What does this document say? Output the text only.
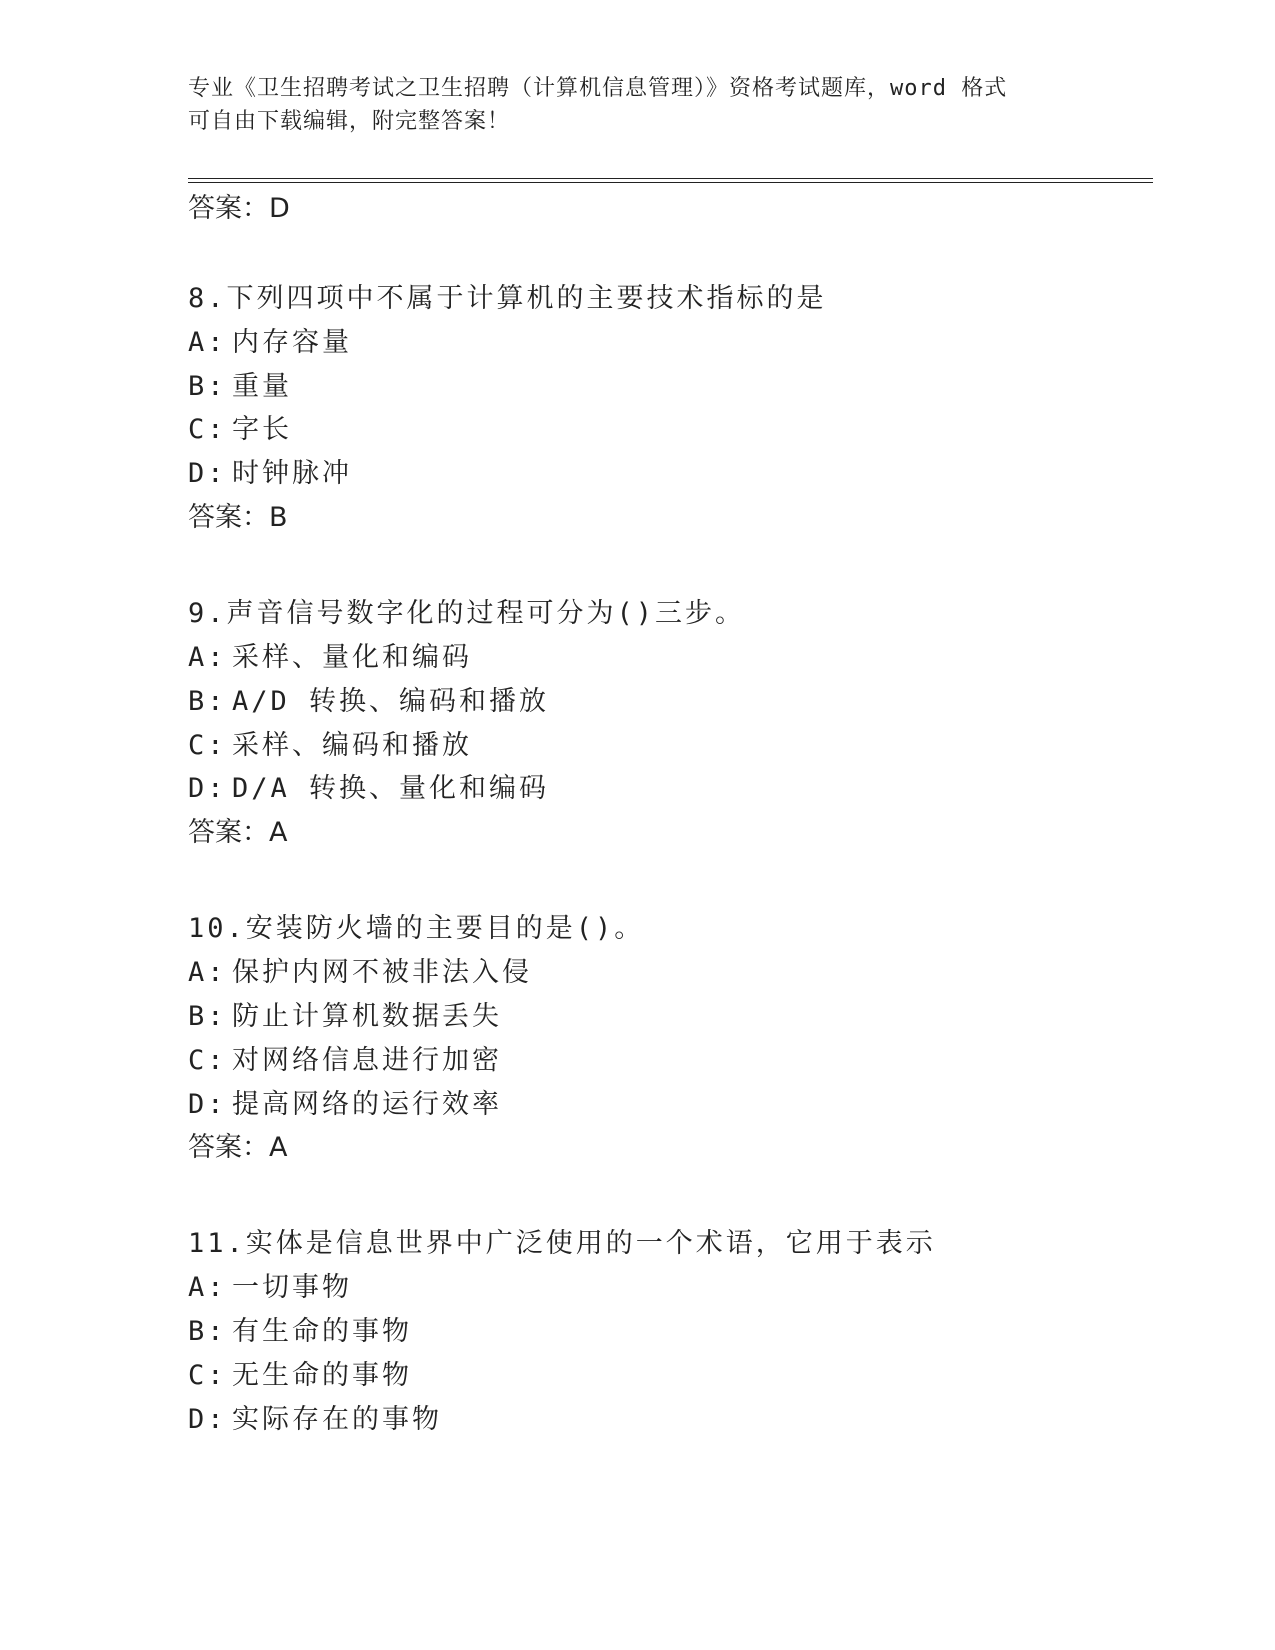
专业《卫生招聘考试之卫生招聘（计算机信息管理）》资格考试题库，word 格式
可自由下载编辑，附完整答案！
答案：D
8.下列四项中不属于计算机的主要技术指标的是
A: 内存容量
B: 重量
C: 字长
D: 时钟脉冲
答案：B
9.声音信号数字化的过程可分为()三步。
A: 采样、量化和编码
B: A/D 转换、编码和播放
C: 采样、编码和播放
D: D/A 转换、量化和编码
答案：A
10.安装防火墙的主要目的是()。
A: 保护内网不被非法入侵
B: 防止计算机数据丢失
C: 对网络信息进行加密
D: 提高网络的运行效率
答案：A
11.实体是信息世界中广泛使用的一个术语，它用于表示
A: 一切事物
B: 有生命的事物
C: 无生命的事物
D: 实际存在的事物
